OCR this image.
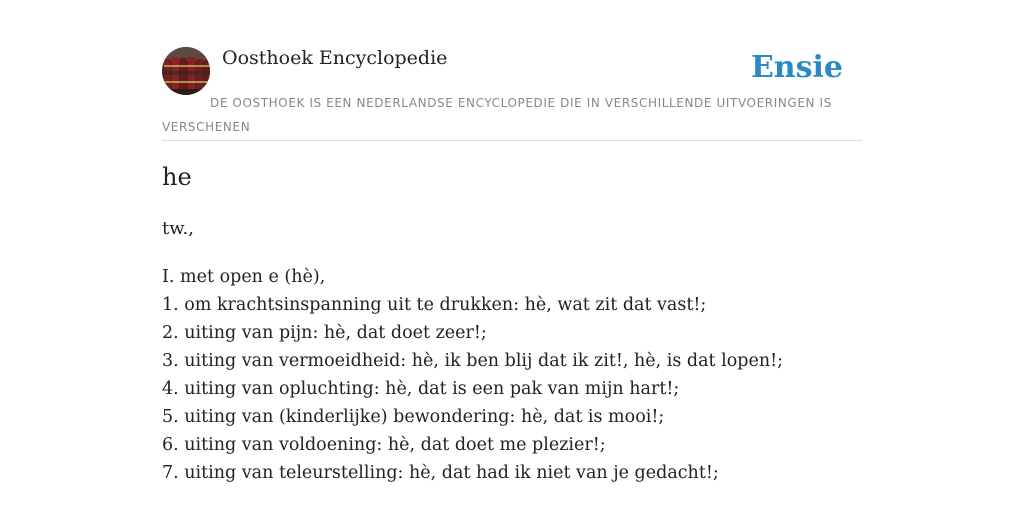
Oosthoek Encyclopedie	Ensie
DE OOSTHOEK IS EEN NEDERLANDSE ENCYCLOPEDIE DIE IN VERSCHILLENDE UITVOERINGEN IS VERSCHENEN
he
tw.,
I. met open e (hè),
1. om krachtsinspanning uit te drukken: hè, wat zit dat vast!;
2. uiting van pijn: hè, dat doet zeer!;
3. uiting van vermoeidheid: hè, ik ben blij dat ik zit!, hè, is dat lopen!;
4. uiting van opluchting: hè, dat is een pak van mijn hart!;
5. uiting van (kinderlijke) bewondering: hè, dat is mooi!;
6. uiting van voldoening: hè, dat doet me plezier!;
7. uiting van teleurstelling: hè, dat had ik niet van je gedacht!;
